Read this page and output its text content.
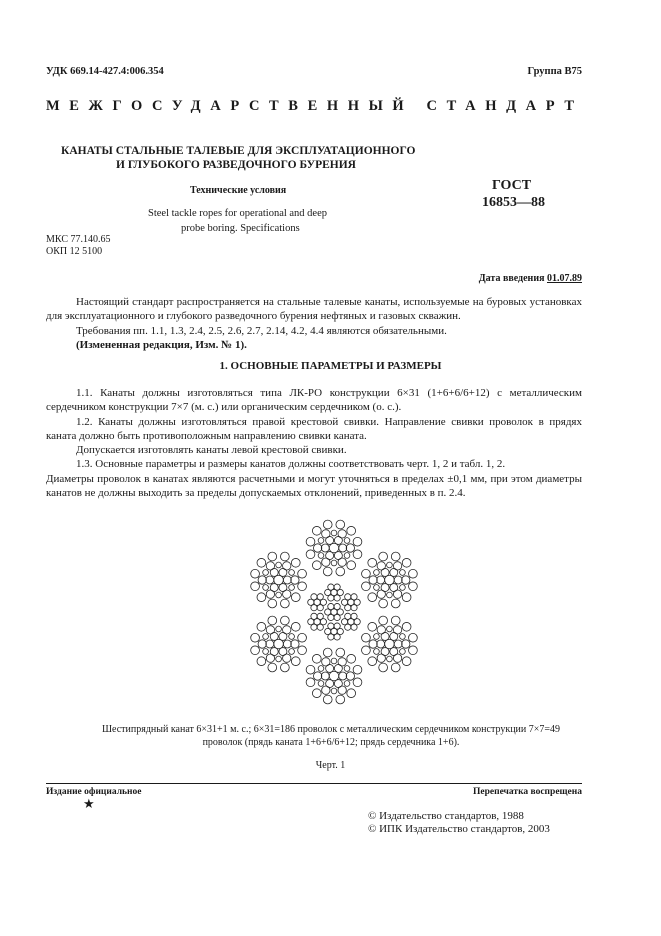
УДК 669.14-427.4:006.354	Группа В75
МЕЖГОСУДАРСТВЕННЫЙ СТАНДАРТ
КАНАТЫ СТАЛЬНЫЕ ТАЛЕВЫЕ ДЛЯ ЭКСПЛУАТАЦИОННОГО
И ГЛУБОКОГО РАЗВЕДОЧНОГО БУРЕНИЯ
Технические условия	ГОСТ
16853—88
Steel tackle ropes for operational and deep
probe boring. Specifications
МКС 77.140.65
ОКП 12 5100
Дата введения 01.07.89

Настоящий стандарт распространяется на стальные талевые канаты, используемые на буровых установках для эксплуатационного и глубокого разведочного бурения нефтяных и газовых скважин.

Требования пп. 1.1, 1.3, 2.4, 2.5, 2.6, 2.7, 2.14, 4.2, 4.4 являются обязательными.

(Измененная редакция, Изм. № 1).

1. ОСНОВНЫЕ ПАРАМЕТРЫ И РАЗМЕРЫ

1.1. Канаты должны изготовляться типа ЛК-РО конструкции 6×31 (1+6+6/6+12) с металлическим сердечником конструкции 7×7 (м. с.) или органическим сердечником (о. с.).

1.2. Канаты должны изготовляться правой крестовой свивки. Направление свивки проволок в прядях каната должно быть противоположным направлению свивки каната.

Допускается изготовлять канаты левой крестовой свивки.

1.3. Основные параметры и размеры канатов должны соответствовать черт. 1, 2 и табл. 1, 2.

Диаметры проволок в канатах являются расчетными и могут уточняться в пределах ±0,1 мм, при этом диаметры канатов не должны выходить за пределы допускаемых отклонений, приведенных в п. 2.4.

Шестипрядный канат 6×31+1 м. с.; 6×31=186 проволок с металлическим сердечником конструкции 7×7=49
проволок (прядь каната 1+6+6/6+12; прядь сердечника 1+6).
Черт. 1
Издание официальное
★
Перепечатка воспрещена
© Издательство стандартов, 1988
© ИПК Издательство стандартов, 2003
